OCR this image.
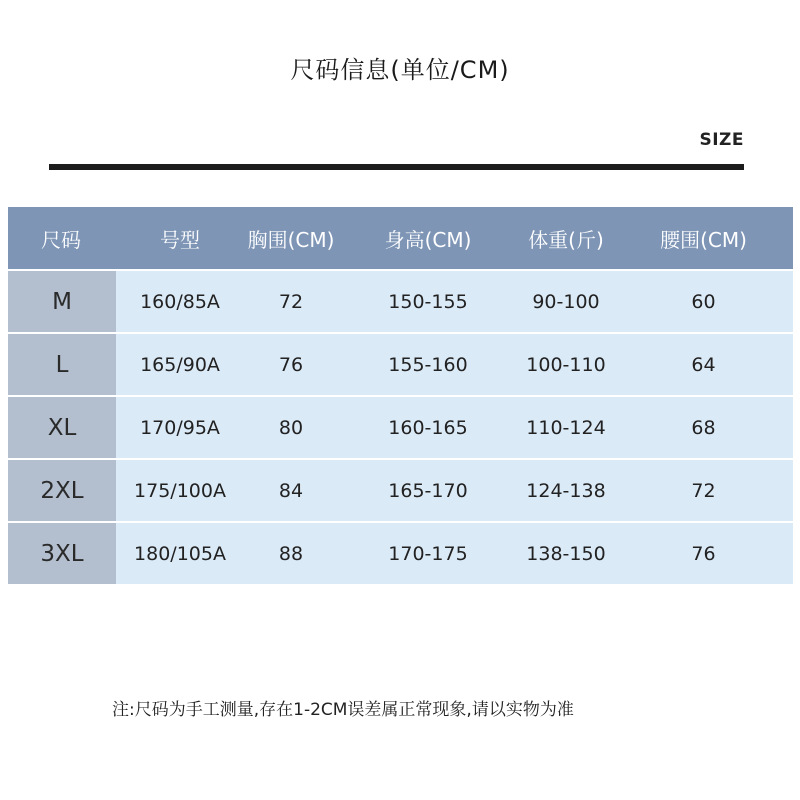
尺码信息(单位/CM)
SIZE
尺码	号型	胸围(CM)	身高(CM)	体重(斤)	腰围(CM)
M	160/85A	72	150-155	90-100	60
L	165/90A	76	155-160	100-110	64
XL	170/95A	80	160-165	110-124	68
2XL	175/100A	84	165-170	124-138	72
3XL	180/105A	88	170-175	138-150	76
注:尺码为手工测量,存在1-2CM误差属正常现象,请以实物为准
